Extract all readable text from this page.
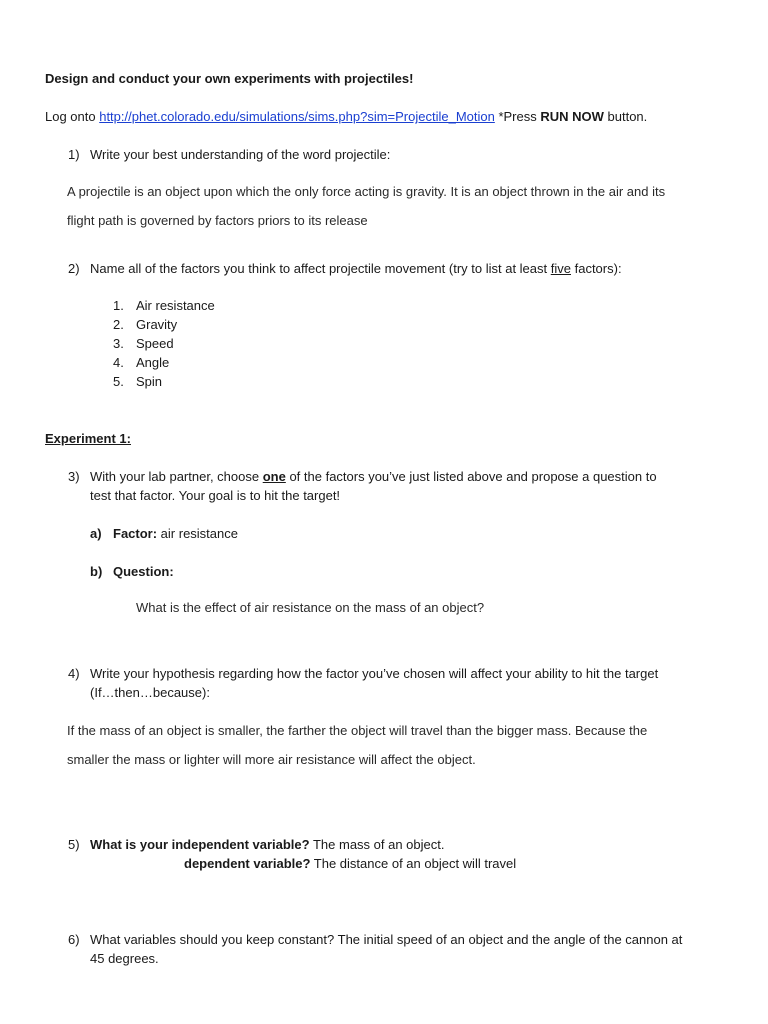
Design and conduct your own experiments with projectiles!
Log onto http://phet.colorado.edu/simulations/sims.php?sim=Projectile_Motion *Press RUN NOW button.
1) Write your best understanding of the word projectile:
A projectile is an object upon which the only force acting is gravity. It is an object thrown in the air and its
flight path is governed by factors priors to its release
2) Name all of the factors you think to affect projectile movement (try to list at least five factors):
1. Air resistance
2. Gravity
3. Speed
4. Angle
5. Spin
Experiment 1:
3) With your lab partner, choose one of the factors you’ve just listed above and propose a question to
test that factor. Your goal is to hit the target!
a) Factor: air resistance
b) Question:
What is the effect of air resistance on the mass of an object?
4) Write your hypothesis regarding how the factor you’ve chosen will affect your ability to hit the target
(If…then…because):
If the mass of an object is smaller, the farther the object will travel than the bigger mass. Because the
smaller the mass or lighter will more air resistance will affect the object.
5) What is your independent variable? The mass of an object.
dependent variable? The distance of an object will travel
6) What variables should you keep constant? The initial speed of an object and the angle of the cannon at
45 degrees.
